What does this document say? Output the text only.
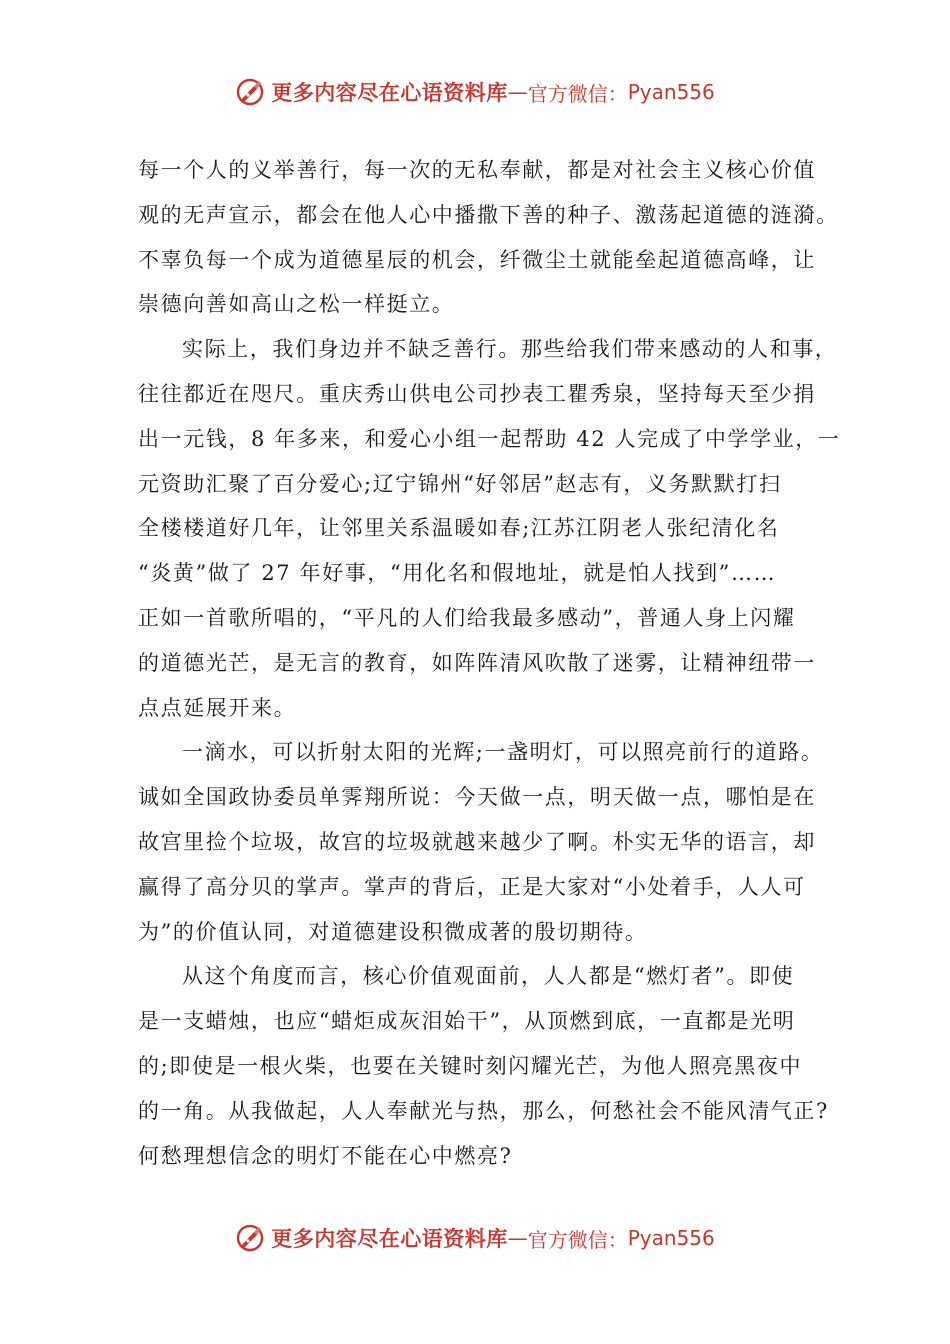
更多内容尽在心语资料库 — 官方微信： Pyan556
每一个人的义举善行，每一次的无私奉献，都是对社会主义核心价值
观的无声宣示，都会在他人心中播撒下善的种子、激荡起道德的涟漪。
不辜负每一个成为道德星辰的机会，纤微尘土就能垒起道德高峰，让
崇德向善如高山之松一样挺立。
实际上，我们身边并不缺乏善行。那些给我们带来感动的人和事，
往往都近在咫尺。重庆秀山供电公司抄表工瞿秀泉，坚持每天至少捐
出一元钱，8 年多来，和爱心小组一起帮助 42 人完成了中学学业，一
元资助汇聚了百分爱心;辽宁锦州“好邻居”赵志有，义务默默打扫
全楼楼道好几年，让邻里关系温暖如春;江苏江阴老人张纪清化名
“炎黄”做了 27 年好事，“用化名和假地址，就是怕人找到”……
正如一首歌所唱的，“平凡的人们给我最多感动”，普通人身上闪耀
的道德光芒，是无言的教育，如阵阵清风吹散了迷雾，让精神纽带一
点点延展开来。
一滴水，可以折射太阳的光辉;一盏明灯，可以照亮前行的道路。
诚如全国政协委员单霁翔所说：今天做一点，明天做一点，哪怕是在
故宫里捡个垃圾，故宫的垃圾就越来越少了啊。朴实无华的语言，却
赢得了高分贝的掌声。掌声的背后，正是大家对“小处着手，人人可
为”的价值认同，对道德建设积微成著的殷切期待。
从这个角度而言，核心价值观面前，人人都是“燃灯者”。即使
是一支蜡烛，也应“蜡炬成灰泪始干”，从顶燃到底，一直都是光明
的;即使是一根火柴，也要在关键时刻闪耀光芒，为他人照亮黑夜中
的一角。从我做起，人人奉献光与热，那么，何愁社会不能风清气正?
何愁理想信念的明灯不能在心中燃亮?
更多内容尽在心语资料库 — 官方微信： Pyan556
